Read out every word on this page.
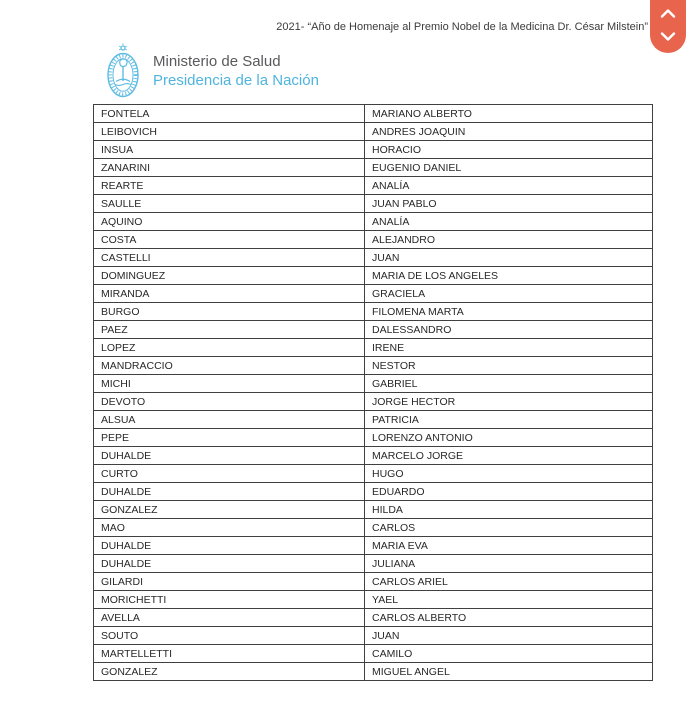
2021- “Año de Homenaje al Premio Nobel de la Medicina Dr. César Milstein”
Ministerio de Salud
Presidencia de la Nación
FONTELA	MARIANO ALBERTO
LEIBOVICH	ANDRES JOAQUIN
INSUA	HORACIO
ZANARINI	EUGENIO DANIEL
REARTE	ANALÍA
SAULLE	JUAN PABLO
AQUINO	ANALÍA
COSTA	ALEJANDRO
CASTELLI	JUAN
DOMINGUEZ	MARIA DE LOS ANGELES
MIRANDA	GRACIELA
BURGO	FILOMENA MARTA
PAEZ	DALESSANDRO
LOPEZ	IRENE
MANDRACCIO	NESTOR
MICHI	GABRIEL
DEVOTO	JORGE HECTOR
ALSUA	PATRICIA
PEPE	LORENZO ANTONIO
DUHALDE	MARCELO JORGE
CURTO	HUGO
DUHALDE	EDUARDO
GONZALEZ	HILDA
MAO	CARLOS
DUHALDE	MARIA EVA
DUHALDE	JULIANA
GILARDI	CARLOS ARIEL
MORICHETTI	YAEL
AVELLA	CARLOS ALBERTO
SOUTO	JUAN
MARTELLETTI	CAMILO
GONZALEZ	MIGUEL ANGEL
